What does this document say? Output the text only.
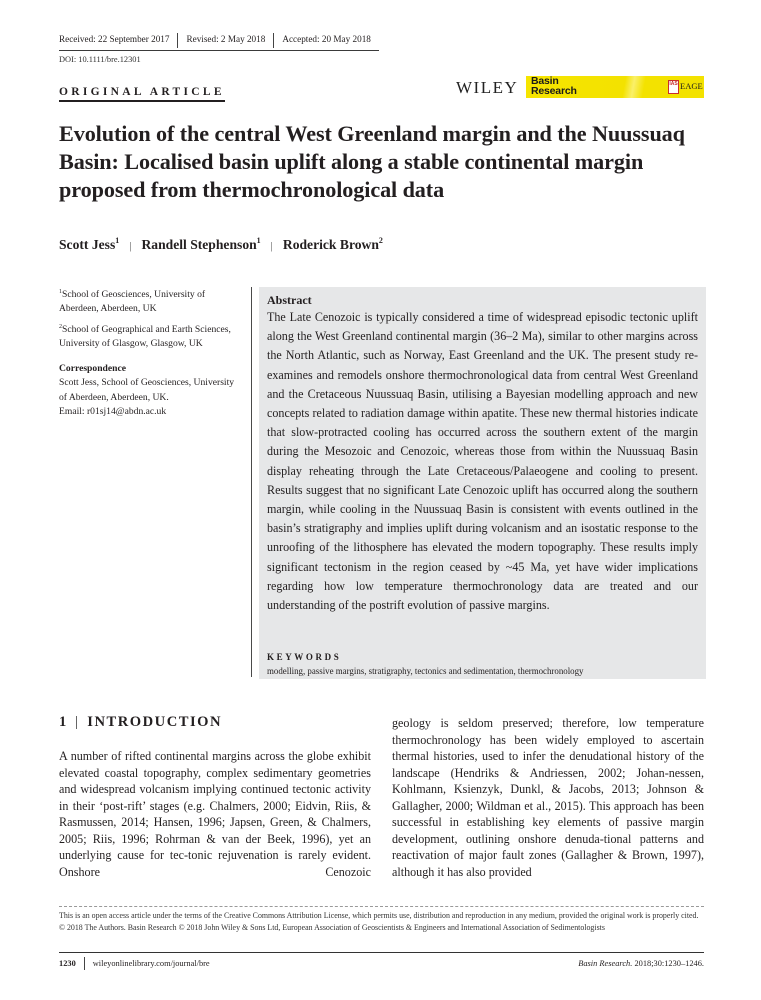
Received: 22 September 2017	Revised: 2 May 2018	Accepted: 20 May 2018
DOI: 10.1111/bre.12301
ORIGINAL ARTICLE	WILEY Basin
Research
IAS EAGE
Evolution of the central West Greenland margin and the Nuussuaq Basin: Localised basin uplift along a stable continental margin proposed from thermochronological data
Scott Jess$^1$ | Randell Stephenson$^1$ | Roderick Brown$^2$

$^1$School of Geosciences, University of Aberdeen, Aberdeen, UK

$^2$School of Geographical and Earth Sciences, University of Glasgow, Glasgow, UK

Correspondence

Scott Jess, School of Geosciences, University of Aberdeen, Aberdeen, UK.

Email: r01sj14@abdn.ac.uk

Abstract
The Late Cenozoic is typically considered a time of widespread episodic tectonic uplift along the West Greenland continental margin (36–2 Ma), similar to other margins across the North Atlantic, such as Norway, East Greenland and the UK. The present study re-examines and remodels onshore thermochronological data from central West Greenland and the Cretaceous Nuussuaq Basin, utilising a Bayesian modelling approach and new concepts related to radiation damage within apatite. These new thermal histories indicate that slow-protracted cooling has occurred across the southern extent of the margin during the Mesozoic and Cenozoic, whereas those from within the Nuussuaq Basin display reheating through the Late Cretaceous/Palaeogene and cooling to present. Results suggest that no significant Late Cenozoic uplift has occurred along the southern margin, while cooling in the Nuussuaq Basin is consistent with events outlined in the basin’s stratigraphy and implies uplift during volcanism and an isostatic response to the unroofing of the lithosphere has elevated the modern topography. These results imply significant tectonism in the region ceased by ~45 Ma, yet have wider implications regarding how low temperature thermochronology data are treated and our understanding of the postrift evolution of passive margins.
KEYWORDS
modelling, passive margins, stratigraphy, tectonics and sedimentation, thermochronology
1 INTRODUCTION
A number of rifted continental margins across the globe exhibit elevated coastal topography, complex sedimentary geometries and widespread volcanism implying continued tectonic activity in their ‘post-rift’ stages (e.g. Chalmers, 2000; Eidvin, Riis, & Rasmussen, 2014; Hansen, 1996; Japsen, Green, & Chalmers, 2005; Riis, 1996; Rohrman & van der Beek, 1996), yet an underlying cause for tec-tonic rejuvenation is rarely evident. Onshore Cenozoic
geology is seldom preserved; therefore, low temperature thermochronology has been widely employed to ascertain thermal histories, used to infer the denudational history of the landscape (Hendriks & Andriessen, 2002; Johan-nessen, Kohlmann, Ksienzyk, Dunkl, & Jacobs, 2013; Johnson & Gallagher, 2000; Wildman et al., 2015). This approach has been successful in establishing key elements of passive margin development, outlining onshore denuda-tional patterns and reactivation of major fault zones (Gallagher & Brown, 1997), although it has also provided
This is an open access article under the terms of the Creative Commons Attribution License, which permits use, distribution and reproduction in any medium, provided the original work is properly cited.
© 2018 The Authors. Basin Research © 2018 John Wiley & Sons Ltd, European Association of Geoscientists & Engineers and International Association of Sedimentologists
1230 wileyonlinelibrary.com/journal/bre	Basin Research. 2018;30:1230–1246.
